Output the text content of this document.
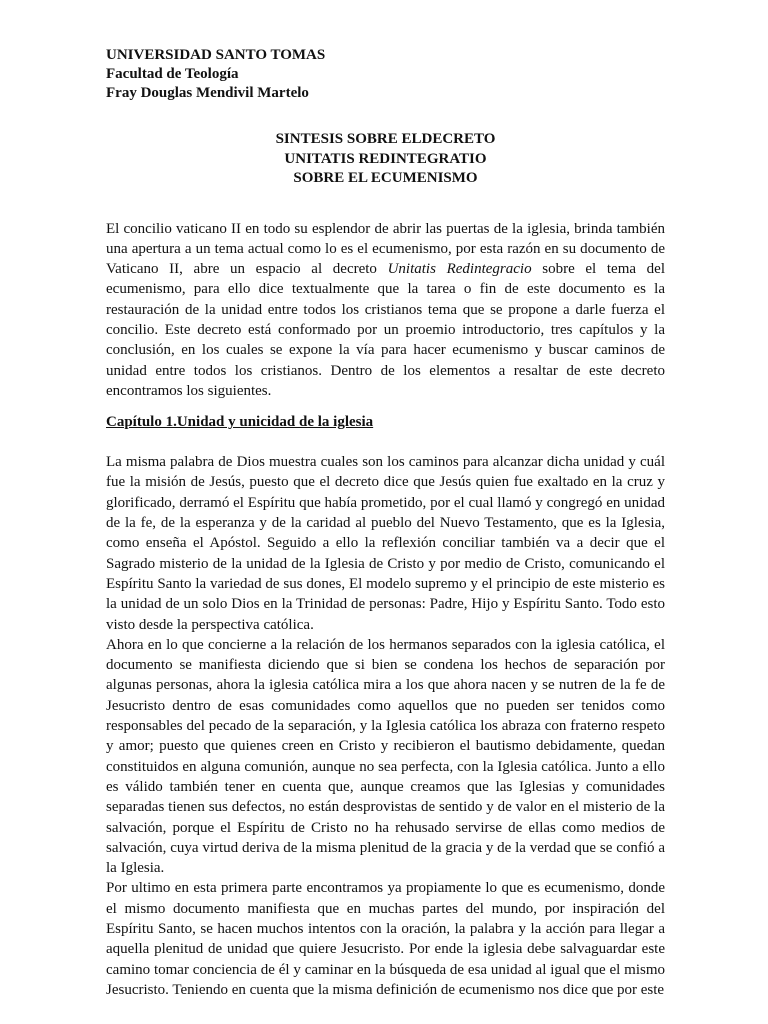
UNIVERSIDAD SANTO TOMAS
Facultad de Teología
Fray Douglas Mendivil Martelo
SINTESIS SOBRE ELDECRETO
UNITATIS REDINTEGRATIO
SOBRE EL ECUMENISMO

El concilio vaticano II en todo su esplendor de abrir las puertas de la iglesia, brinda también una apertura a un tema actual como lo es el ecumenismo, por esta razón en su documento de Vaticano II, abre un espacio al decreto Unitatis Redintegracio sobre el tema del ecumenismo, para ello dice textualmente que la tarea o fin de este documento es la restauración de la unidad entre todos los cristianos tema que se propone a darle fuerza el concilio. Este decreto está conformado por un proemio introductorio, tres capítulos y la conclusión, en los cuales se expone la vía para hacer ecumenismo y buscar caminos de unidad entre todos los cristianos. Dentro de los elementos a resaltar de este decreto encontramos los siguientes.

Capítulo 1.Unidad y unicidad de la iglesia

La misma palabra de Dios muestra cuales son los caminos para alcanzar dicha unidad y cuál fue la misión de Jesús, puesto que el decreto dice que Jesús quien fue exaltado en la cruz y glorificado, derramó el Espíritu que había prometido, por el cual llamó y congregó en unidad de la fe, de la esperanza y de la caridad al pueblo del Nuevo Testamento, que es la Iglesia, como enseña el Apóstol. Seguido a ello la reflexión conciliar también va a decir que el Sagrado misterio de la unidad de la Iglesia de Cristo y por medio de Cristo, comunicando el Espíritu Santo la variedad de sus dones, El modelo supremo y el principio de este misterio es la unidad de un solo Dios en la Trinidad de personas: Padre, Hijo y Espíritu Santo. Todo esto visto desde la perspectiva católica.

Ahora en lo que concierne a la relación de los hermanos separados con la iglesia católica, el documento se manifiesta diciendo que si bien se condena los hechos de separación por algunas personas, ahora la iglesia católica mira a los que ahora nacen y se nutren de la fe de Jesucristo dentro de esas comunidades como aquellos que no pueden ser tenidos como responsables del pecado de la separación, y la Iglesia católica los abraza con fraterno respeto y amor; puesto que quienes creen en Cristo y recibieron el bautismo debidamente, quedan constituidos en alguna comunión, aunque no sea perfecta, con la Iglesia católica. Junto a ello es válido también tener en cuenta que, aunque creamos que las Iglesias y comunidades separadas tienen sus defectos, no están desprovistas de sentido y de valor en el misterio de la salvación, porque el Espíritu de Cristo no ha rehusado servirse de ellas como medios de salvación, cuya virtud deriva de la misma plenitud de la gracia y de la verdad que se confió a la Iglesia.

Por ultimo en esta primera parte encontramos ya propiamente lo que es ecumenismo, donde el mismo documento manifiesta que en muchas partes del mundo, por inspiración del Espíritu Santo, se hacen muchos intentos con la oración, la palabra y la acción para llegar a aquella plenitud de unidad que quiere Jesucristo. Por ende la iglesia debe salvaguardar este camino tomar conciencia de él y caminar en la búsqueda de esa unidad al igual que el mismo Jesucristo. Teniendo en cuenta que la misma definición de ecumenismo nos dice que por este
